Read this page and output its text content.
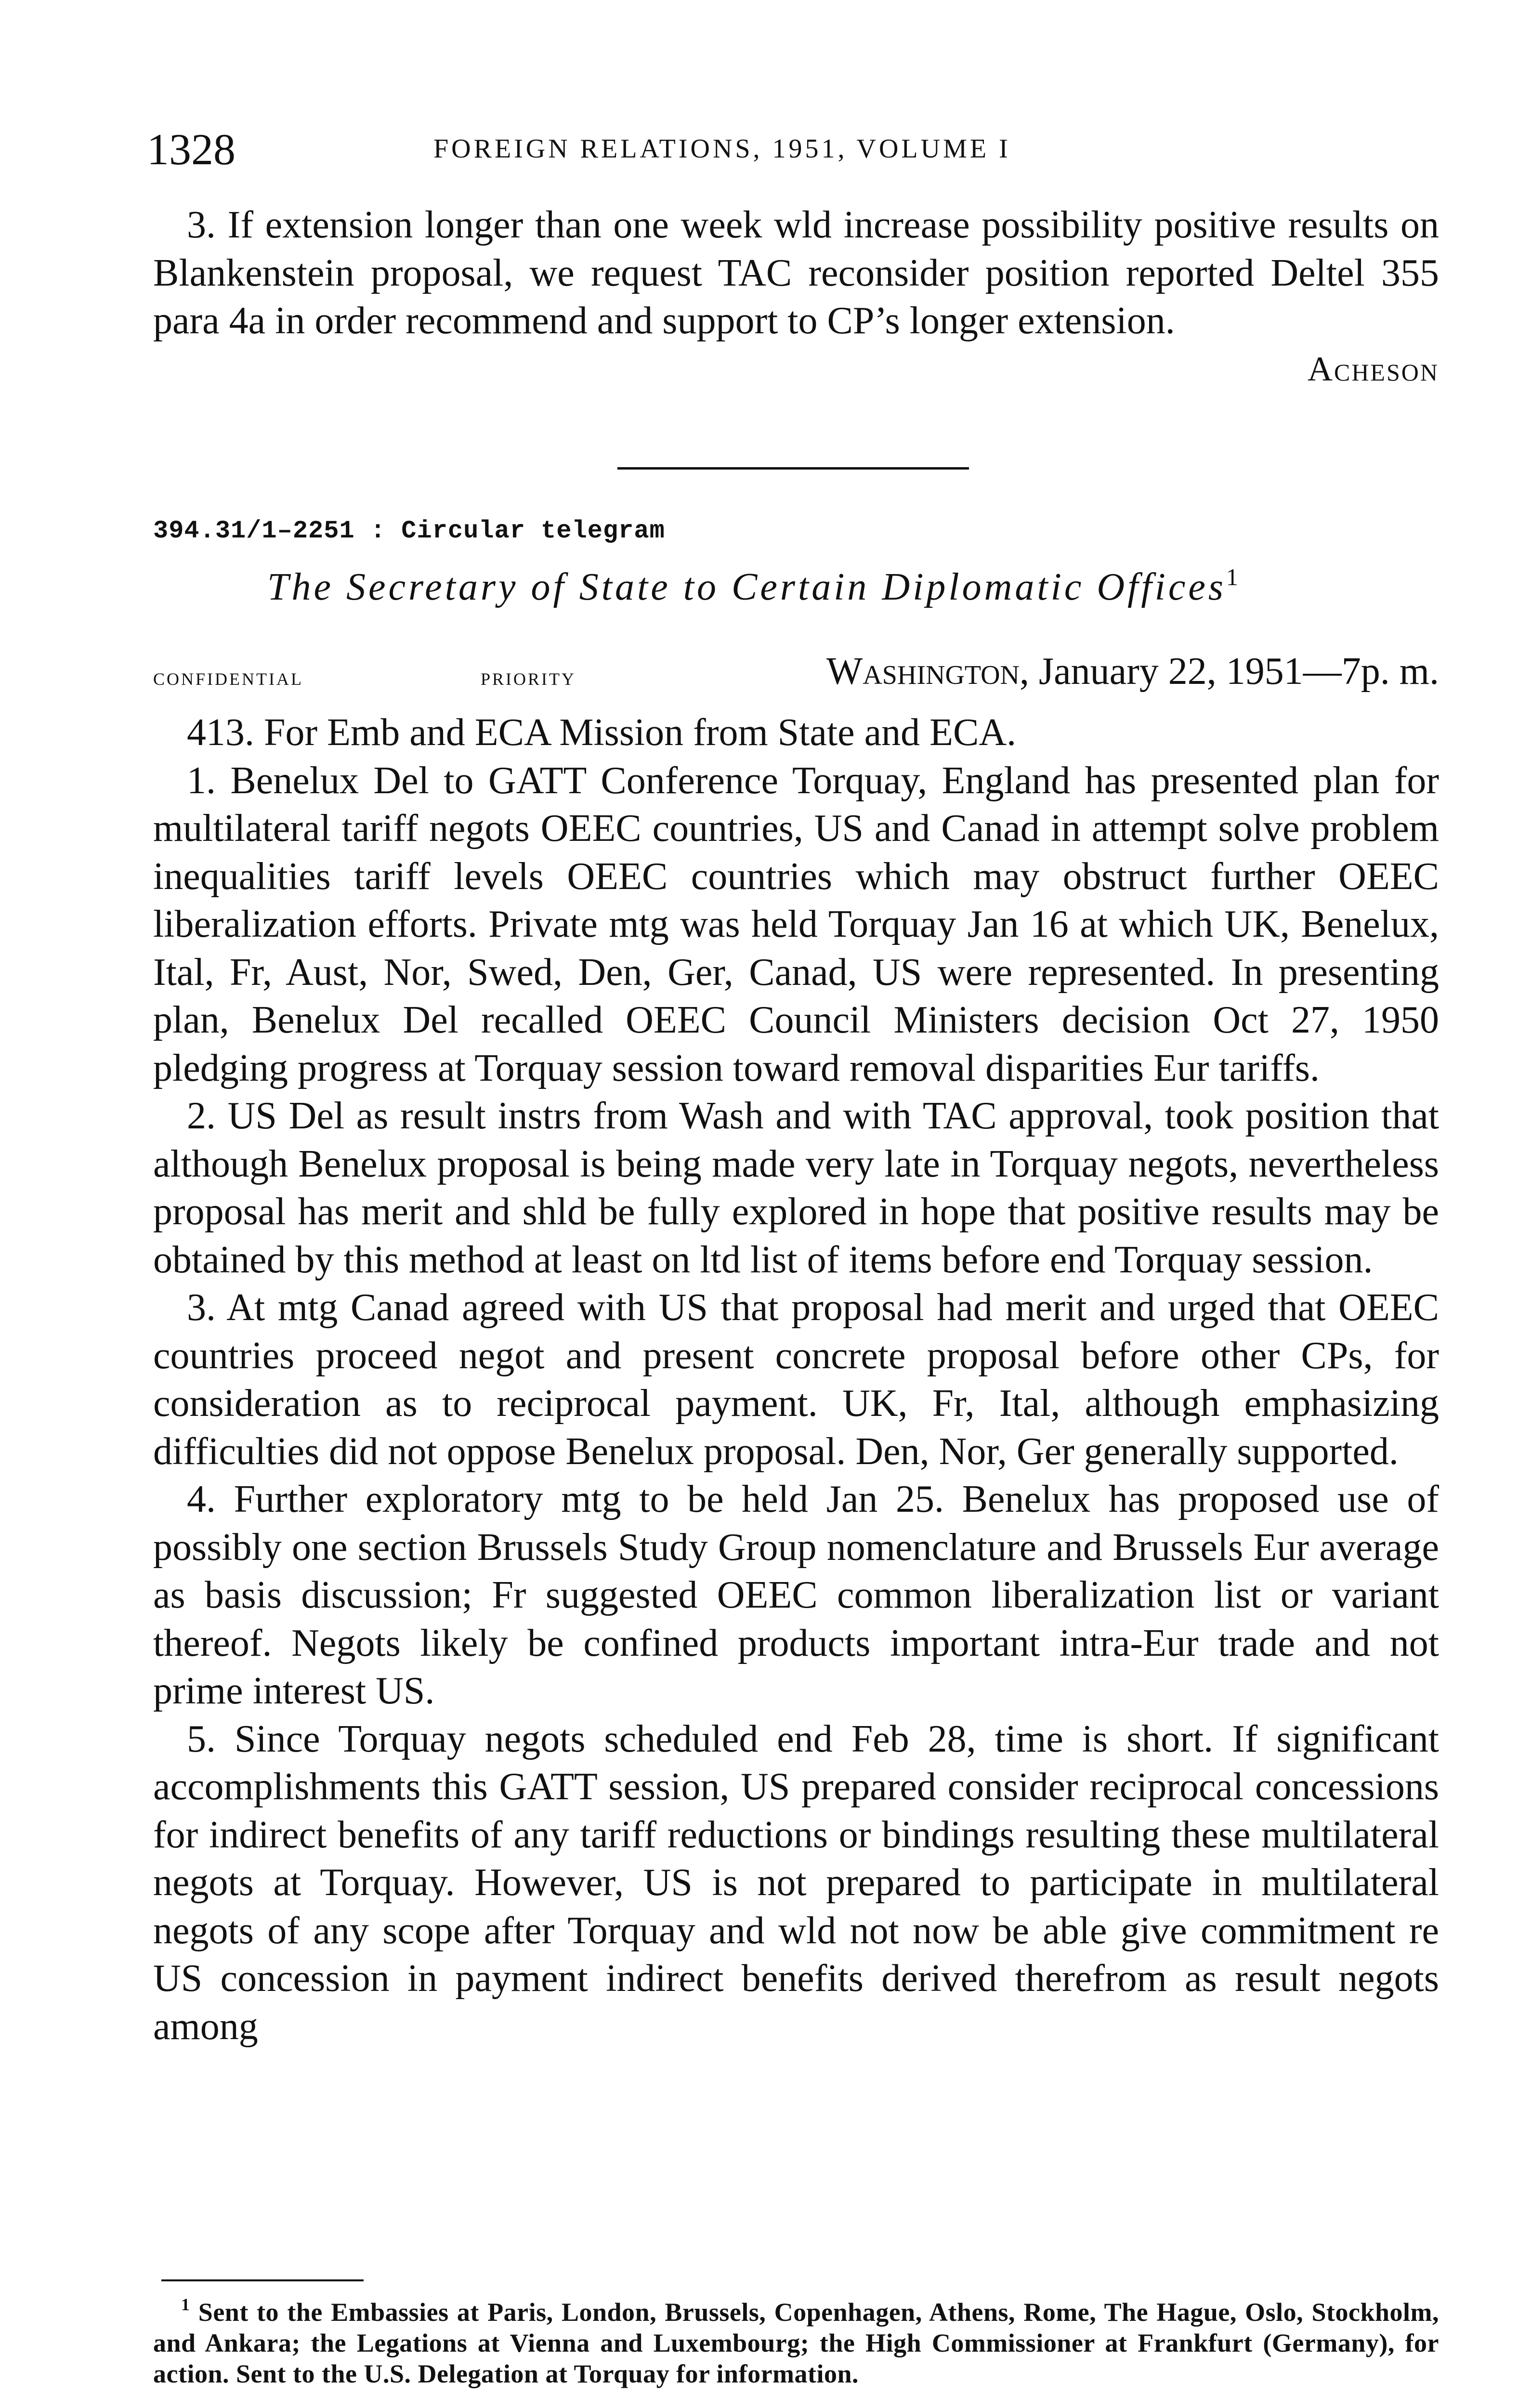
1328	FOREIGN RELATIONS, 1951, VOLUME I

3. If extension longer than one week wld increase possibility positive results on Blankenstein proposal, we request TAC reconsider position reported Deltel 355 para 4a in order recommend and support to CP’s longer extension.

Acheson

394.31/1–2251 : Circular telegram
The Secretary of State to Certain Diplomatic Offices$^1$
confidential	priority	Washington, January 22, 1951—7p. m.

413. For Emb and ECA Mission from State and ECA.

1. Benelux Del to GATT Conference Torquay, England has presented plan for multilateral tariff negots OEEC countries, US and Canad in attempt solve problem inequalities tariff levels OEEC countries which may obstruct further OEEC liberalization efforts. Private mtg was held Torquay Jan 16 at which UK, Benelux, Ital, Fr, Aust, Nor, Swed, Den, Ger, Canad, US were represented. In presenting plan, Benelux Del recalled OEEC Council Ministers decision Oct 27, 1950 pledging progress at Torquay session toward removal disparities Eur tariffs.

2. US Del as result instrs from Wash and with TAC approval, took position that although Benelux proposal is being made very late in Torquay negots, nevertheless proposal has merit and shld be fully explored in hope that positive results may be obtained by this method at least on ltd list of items before end Torquay session.

3. At mtg Canad agreed with US that proposal had merit and urged that OEEC countries proceed negot and present concrete proposal before other CPs, for consideration as to reciprocal payment. UK, Fr, Ital, although emphasizing difficulties did not oppose Benelux proposal. Den, Nor, Ger generally supported.

4. Further exploratory mtg to be held Jan 25. Benelux has proposed use of possibly one section Brussels Study Group nomenclature and Brussels Eur average as basis discussion; Fr suggested OEEC common liberalization list or variant thereof. Negots likely be confined products important intra-Eur trade and not prime interest US.

5. Since Torquay negots scheduled end Feb 28, time is short. If significant accomplishments this GATT session, US prepared consider reciprocal concessions for indirect benefits of any tariff reductions or bindings resulting these multilateral negots at Torquay. However, US is not prepared to participate in multilateral negots of any scope after Torquay and wld not now be able give commitment re US concession in payment indirect benefits derived therefrom as result negots among

$^1$ Sent to the Embassies at Paris, London, Brussels, Copenhagen, Athens, Rome, The Hague, Oslo, Stockholm, and Ankara; the Legations at Vienna and Luxembourg; the High Commissioner at Frankfurt (Germany), for action. Sent to the U.S. Delegation at Torquay for information.
